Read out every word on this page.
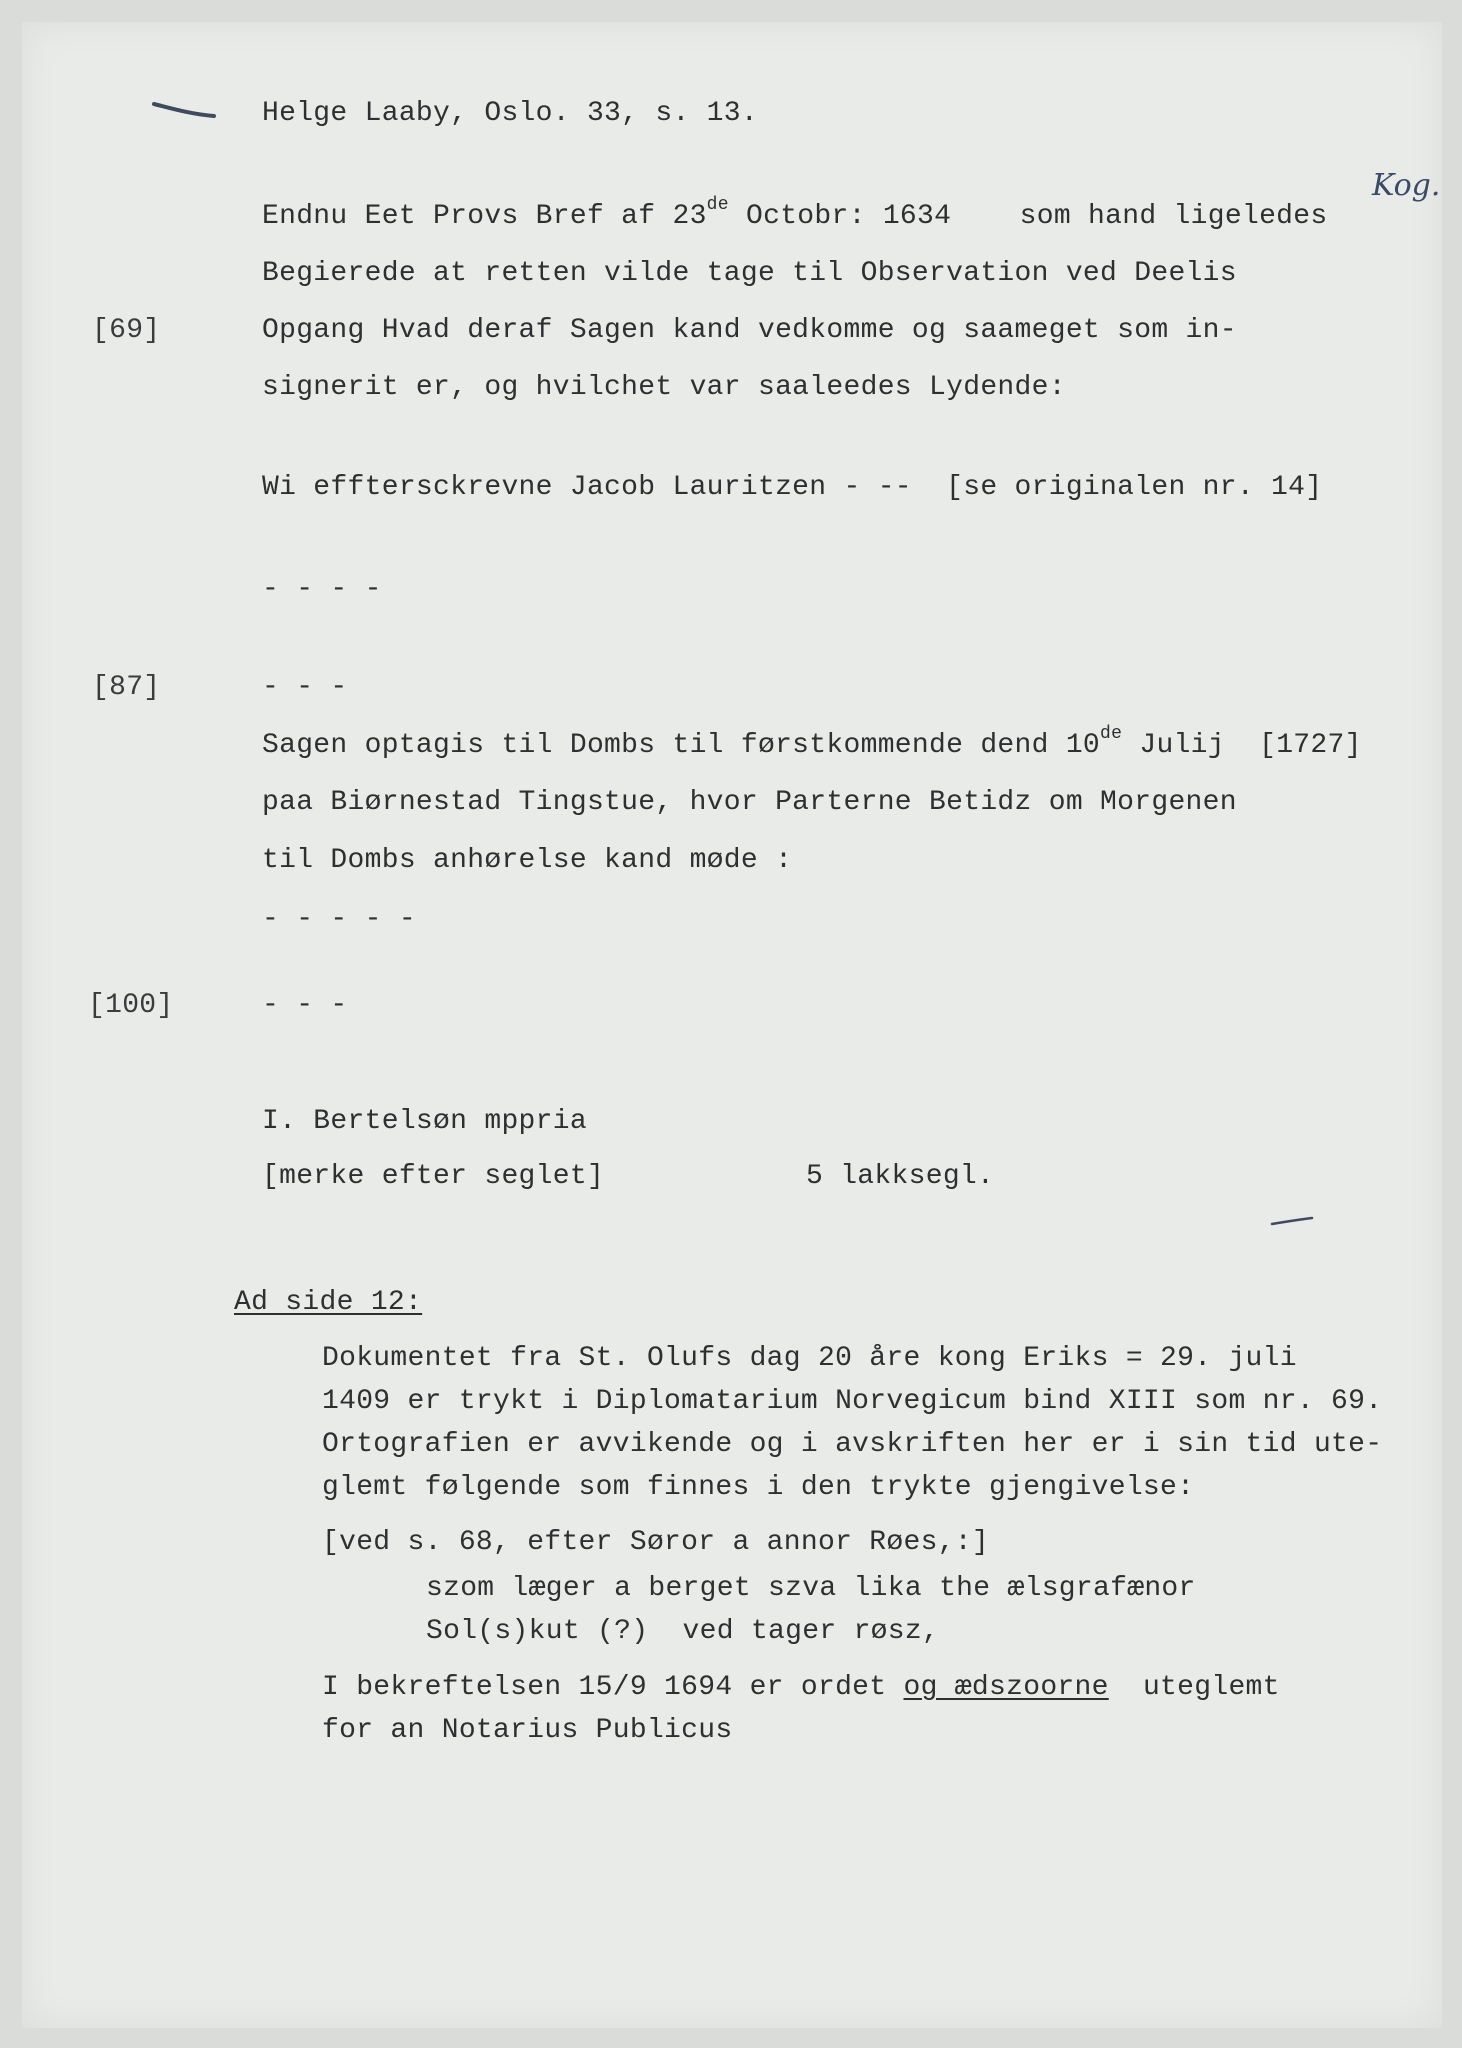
Helge Laaby, Oslo. 33, s. 13.
Kog.
Endnu Eet Provs Bref af 23de Octobr: 1634    som hand ligeledes
Begierede at retten vilde tage til Observation ved Deelis
[69]	Opgang Hvad deraf Sagen kand vedkomme og saameget som in-
signerit er, og hvilchet var saaleedes Lydende:
Wi efftersckrevne Jacob Lauritzen - --  [se originalen nr. 14]
- - - -
[87]	- - -
Sagen optagis til Dombs til førstkommende dend 10de Julij  [1727]
paa Biørnestad Tingstue, hvor Parterne Betidz om Morgenen
til Dombs anhørelse kand møde :
- - - - -
[100]	- - -
I. Bertelsøn mppria
[merke efter seglet]	5 lakksegl.
Ad side 12:
Dokumentet fra St. Olufs dag 20 åre kong Eriks = 29. juli
1409 er trykt i Diplomatarium Norvegicum bind XIII som nr. 69.
Ortografien er avvikende og i avskriften her er i sin tid ute-
glemt følgende som finnes i den trykte gjengivelse:
[ved s. 68, efter Søror a annor Røes,:]
szom læger a berget szva lika the ælsgrafænor
Sol(s)kut (?)  ved tager røsz,
I bekreftelsen 15/9 1694 er ordet og ædszoorne  uteglemt
for an Notarius Publicus
